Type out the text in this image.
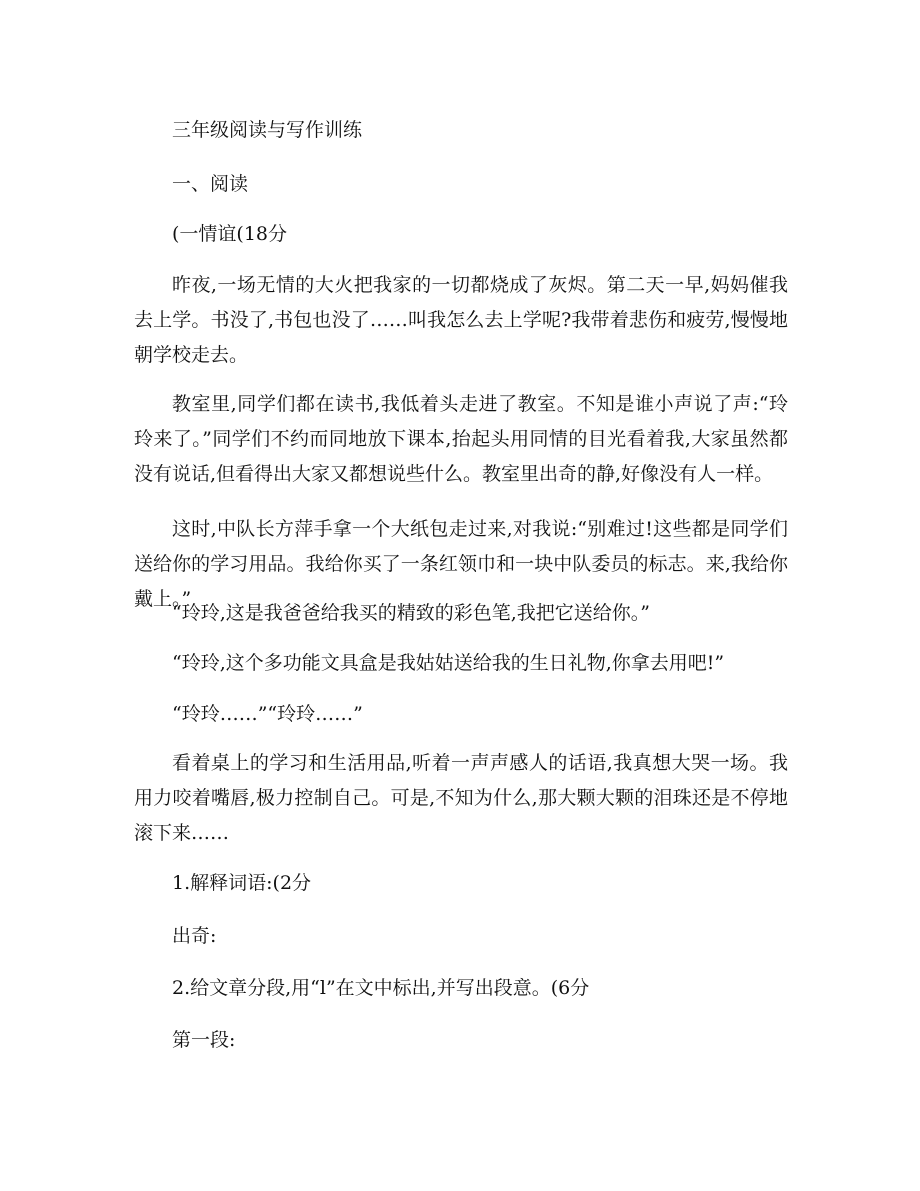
三年级阅读与写作训练

一、阅读

(一情谊(18分

昨夜,一场无情的大火把我家的一切都烧成了灰烬。第二天一早,妈妈催我去上学。书没了,书包也没了……叫我怎么去上学呢?我带着悲伤和疲劳,慢慢地朝学校走去。

教室里,同学们都在读书,我低着头走进了教室。不知是谁小声说了声:“玲玲来了。”同学们不约而同地放下课本,抬起头用同情的目光看着我,大家虽然都没有说话,但看得出大家又都想说些什么。教室里出奇的静,好像没有人一样。

这时,中队长方萍手拿一个大纸包走过来,对我说:“别难过!这些都是同学们送给你的学习用品。我给你买了一条红领巾和一块中队委员的标志。来,我给你戴上。”

“玲玲,这是我爸爸给我买的精致的彩色笔,我把它送给你。”

“玲玲,这个多功能文具盒是我姑姑送给我的生日礼物,你拿去用吧!”

“玲玲……”“玲玲……”

看着桌上的学习和生活用品,听着一声声感人的话语,我真想大哭一场。我用力咬着嘴唇,极力控制自己。可是,不知为什么,那大颗大颗的泪珠还是不停地滚下来……

1.解释词语:(2分

出奇:

2.给文章分段,用“l”在文中标出,并写出段意。(6分

第一段:
